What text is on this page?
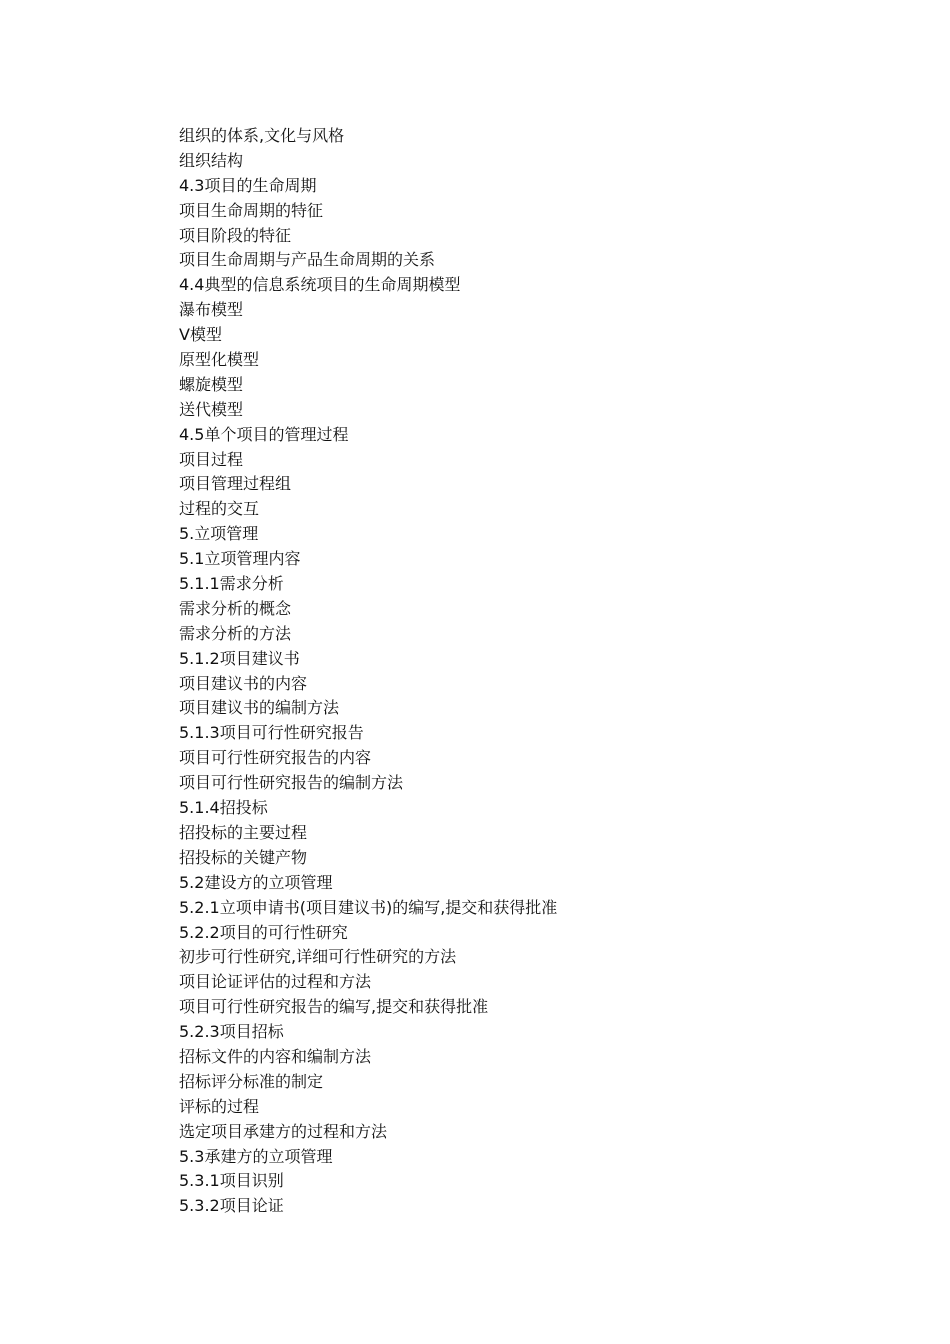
组织的体系,文化与风格
组织结构
4.3项目的生命周期
项目生命周期的特征
项目阶段的特征
项目生命周期与产品生命周期的关系
4.4典型的信息系统项目的生命周期模型
瀑布模型
V模型
原型化模型
螺旋模型
送代模型
4.5单个项目的管理过程
项目过程
项目管理过程组
过程的交互
5.立项管理
5.1立项管理内容
5.1.1需求分析
需求分析的概念
需求分析的方法
5.1.2项目建议书
项目建议书的内容
项目建议书的编制方法
5.1.3项目可行性研究报告
项目可行性研究报告的内容
项目可行性研究报告的编制方法
5.1.4招投标
招投标的主要过程
招投标的关键产物
5.2建设方的立项管理
5.2.1立项申请书(项目建议书)的编写,提交和获得批准
5.2.2项目的可行性研究
初步可行性研究,详细可行性研究的方法
项目论证评估的过程和方法
项目可行性研究报告的编写,提交和获得批准
5.2.3项目招标
招标文件的内容和编制方法
招标评分标准的制定
评标的过程
选定项目承建方的过程和方法
5.3承建方的立项管理
5.3.1项目识别
5.3.2项目论证
